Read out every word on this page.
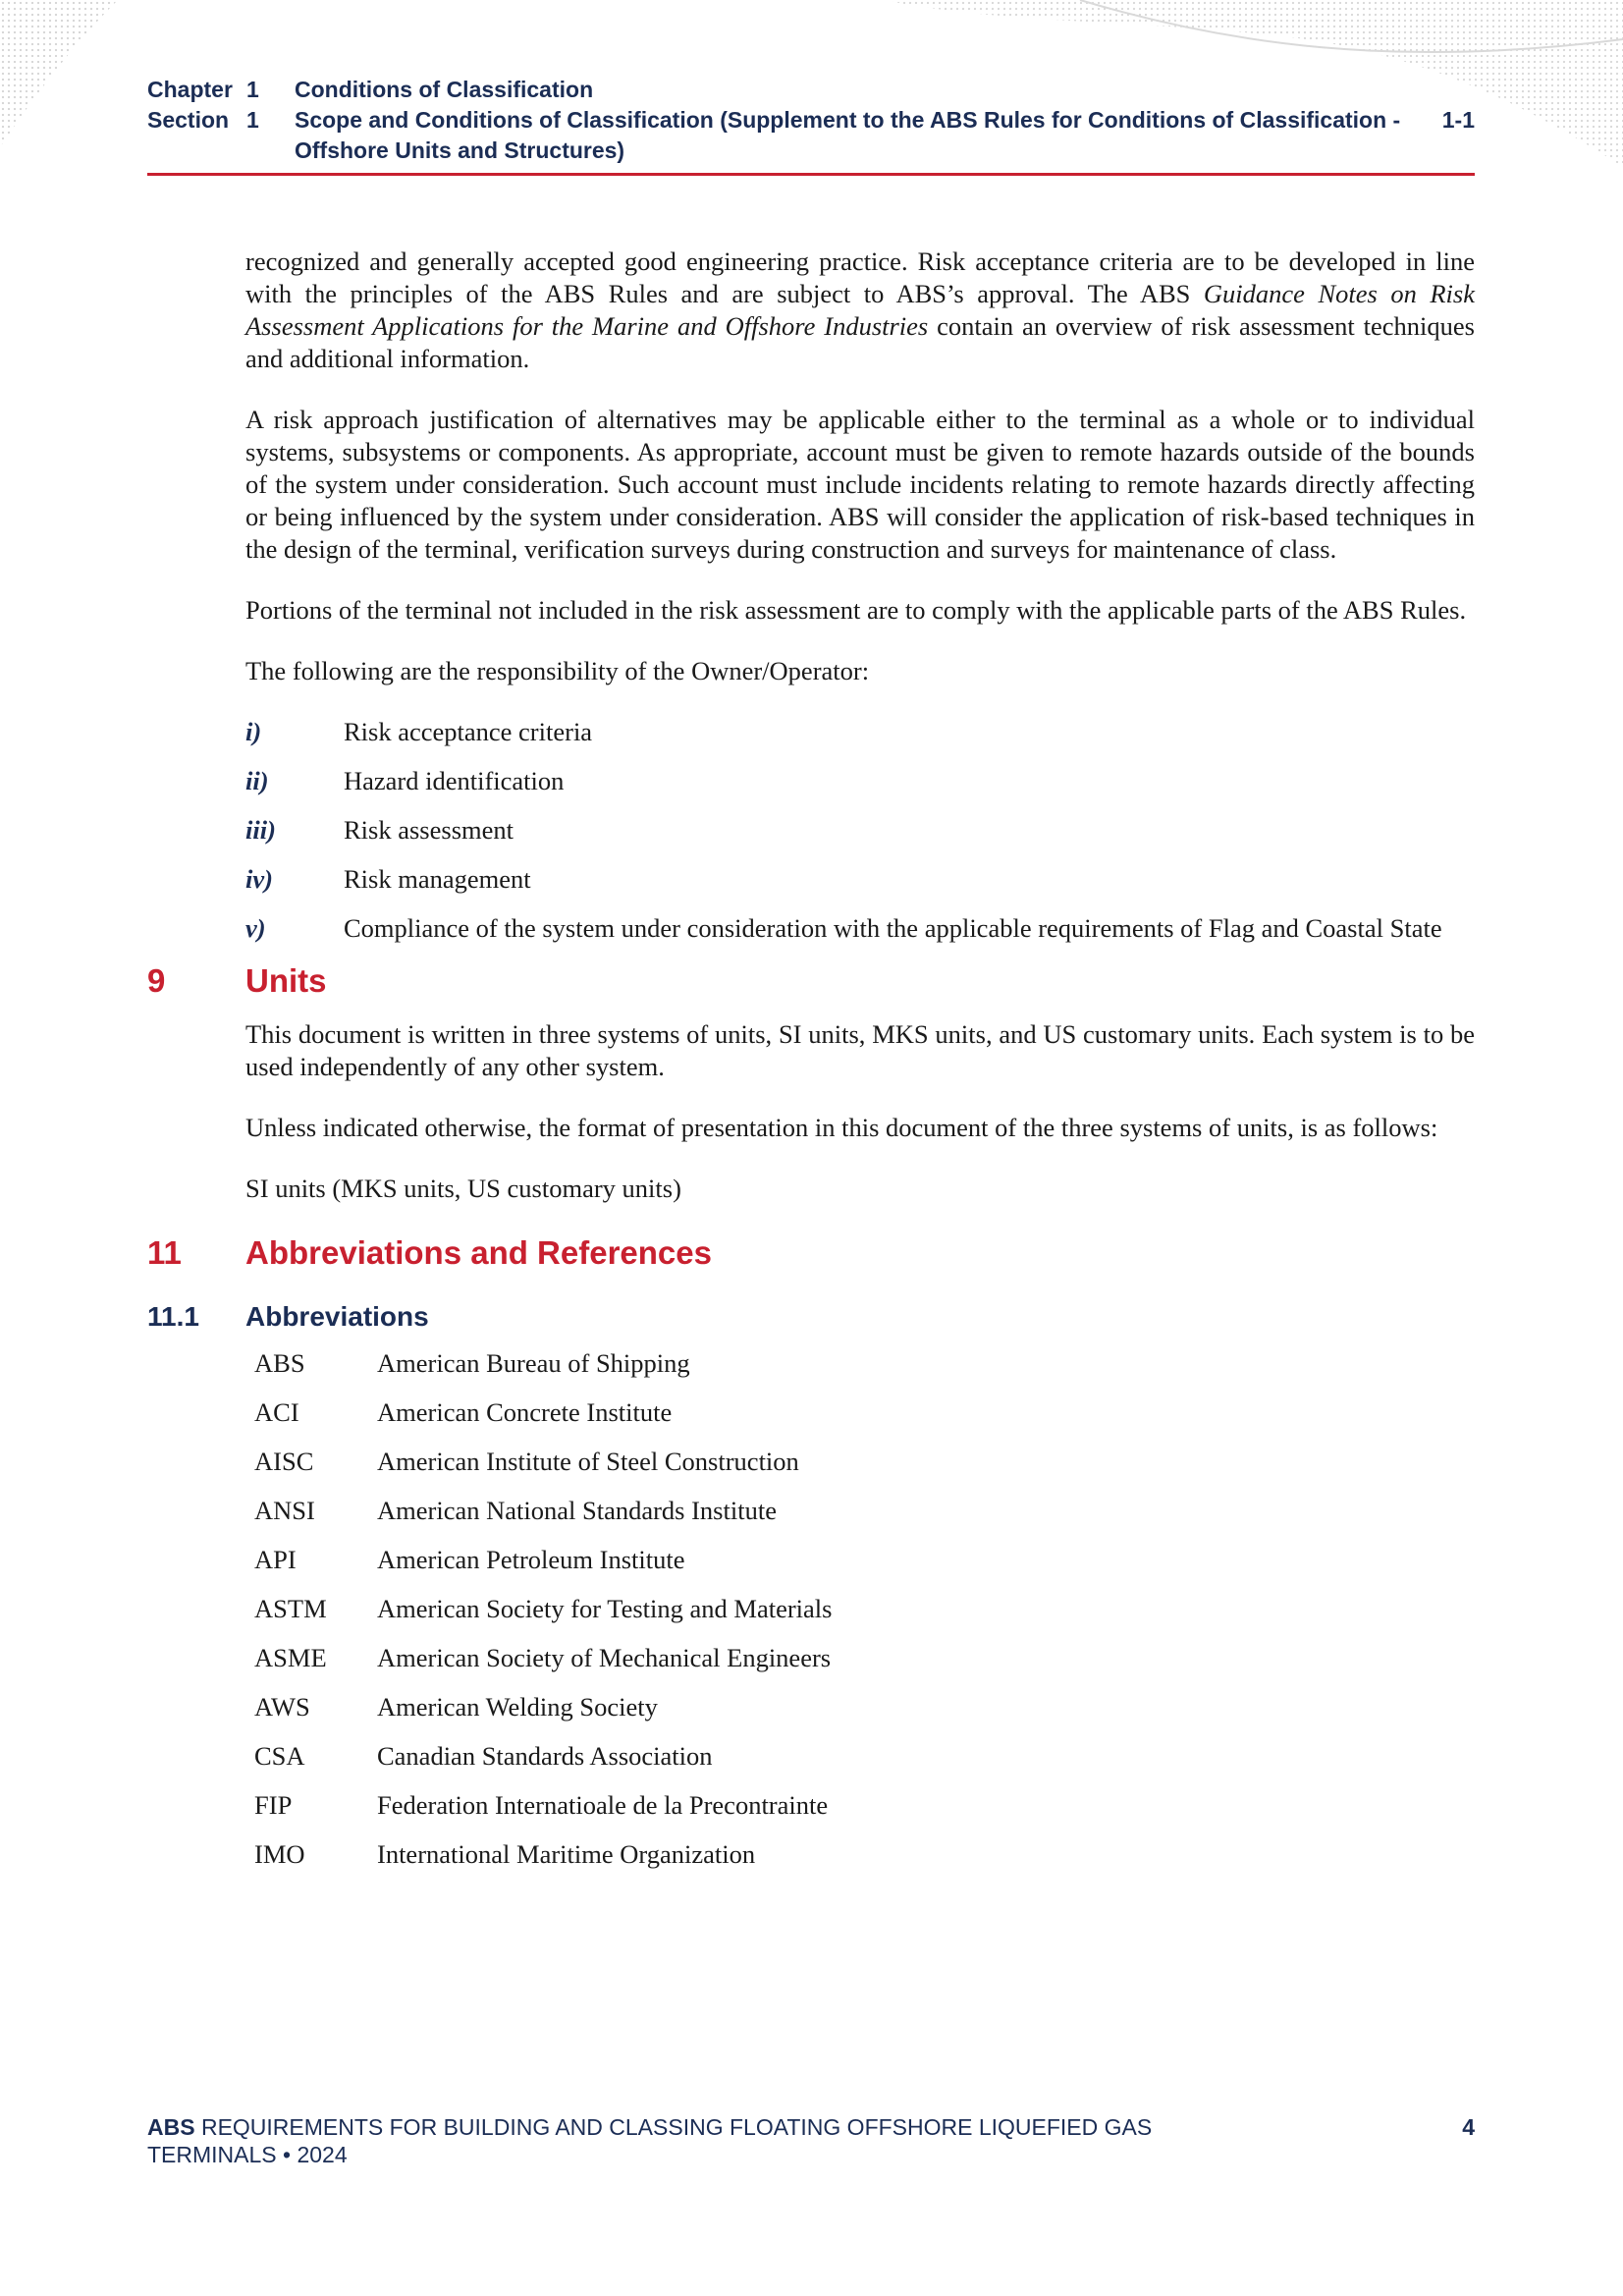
Chapter 1	Conditions of Classification
Section 1	Scope and Conditions of Classification (Supplement to the ABS Rules for Conditions of Classification - Offshore Units and Structures)
1-1

recognized and generally accepted good engineering practice. Risk acceptance criteria are to be developed in line with the principles of the ABS Rules and are subject to ABS’s approval. The ABS Guidance Notes on Risk Assessment Applications for the Marine and Offshore Industries contain an overview of risk assessment techniques and additional information.

A risk approach justification of alternatives may be applicable either to the terminal as a whole or to individual systems, subsystems or components. As appropriate, account must be given to remote hazards outside of the bounds of the system under consideration. Such account must include incidents relating to remote hazards directly affecting or being influenced by the system under consideration. ABS will consider the application of risk-based techniques in the design of the terminal, verification surveys during construction and surveys for maintenance of class.

Portions of the terminal not included in the risk assessment are to comply with the applicable parts of the ABS Rules.

The following are the responsibility of the Owner/Operator:

i)	Risk acceptance criteria
ii)	Hazard identification
iii)	Risk assessment
iv)	Risk management
v)	Compliance of the system under consideration with the applicable requirements of Flag and Coastal State
9 Units

This document is written in three systems of units, SI units, MKS units, and US customary units. Each system is to be used independently of any other system.

Unless indicated otherwise, the format of presentation in this document of the three systems of units, is as follows:

SI units (MKS units, US customary units)

11 Abbreviations and References
11.1 Abbreviations
ABS	American Bureau of Shipping
ACI	American Concrete Institute
AISC	American Institute of Steel Construction
ANSI	American National Standards Institute
API	American Petroleum Institute
ASTM	American Society for Testing and Materials
ASME	American Society of Mechanical Engineers
AWS	American Welding Society
CSA	Canadian Standards Association
FIP	Federation Internatioale de la Precontrainte
IMO	International Maritime Organization
ABS REQUIREMENTS FOR BUILDING AND CLASSING FLOATING OFFSHORE LIQUEFIED GAS TERMINALS • 2024
4
